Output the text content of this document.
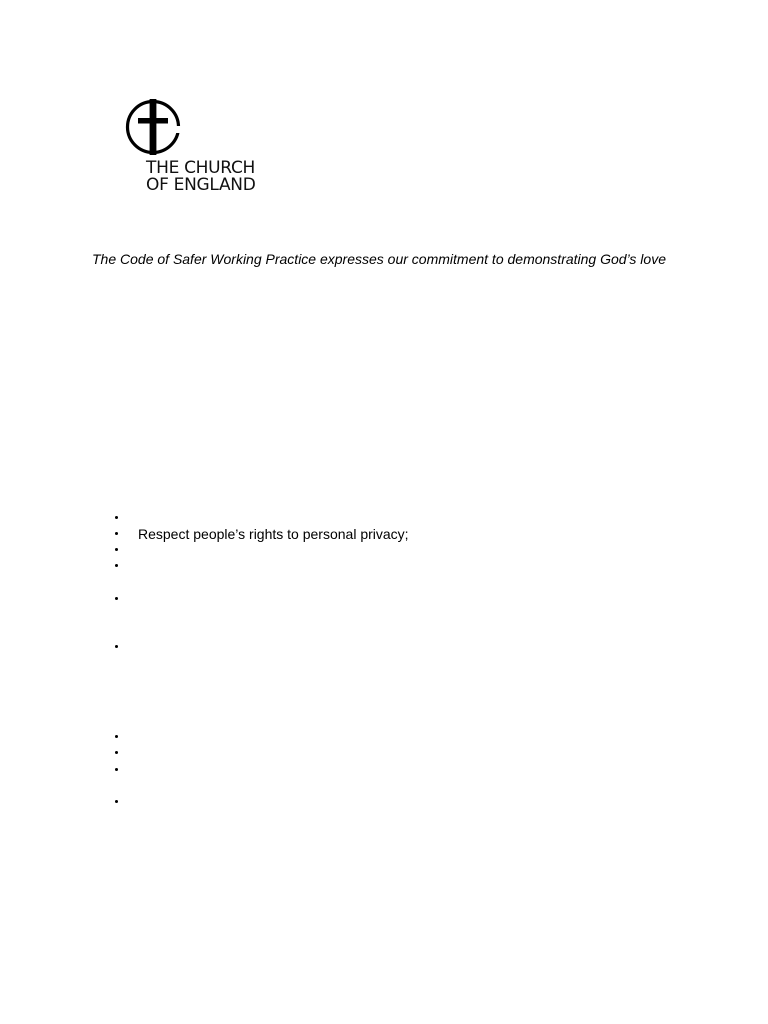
THE CHURCH
OF ENGLAND
The Code of Safer Working Practice expresses our commitment to demonstrating God’s love
Respect people’s rights to personal privacy;
